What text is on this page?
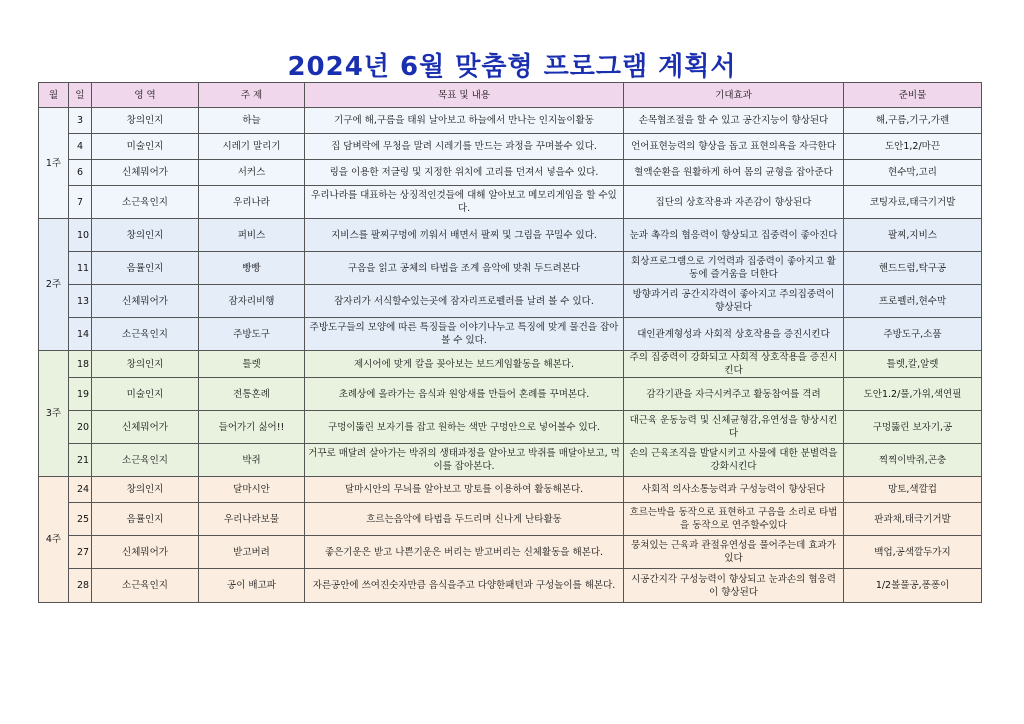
2024년 6월 맞춤형 프로그램 계획서
월	일	영 역	주 제	목표 및 내용	기대효과	준비물
1주	3	창의인지	하늘	기구에 해,구름을 태워 날아보고 하늘에서 만나는 인지놀이활동	손목협조절을 할 수 있고 공간지능이 향상된다	해,구름,기구,가렌
	4	미술인지	시레기 말리기	집 담벼락에 무청을 말려 시레기를 만드는 과정을 꾸며볼수 있다.	언어표현능력의 향상을 돕고 표현의욕을 자극한다	도안1,2/마끈
	6	신체뭐어가	서커스	링을 이용한 저글링 및 지정한 위치에 고리를 던져서 넣을수 있다.	혈액순환을 원활하게 하여 몸의 균형을 잡아준다	현수막,고리
	7	소근육인지	우리나라	우리나라를 대표하는 상징적인것들에 대해 알아보고 메모리게임을 할 수있다.	집단의 상호작용과 자존감이 향상된다	코팅자료,태극기거발
2주	10	창의인지	퍼비스	지비스를 팔찌구멍에 끼워서 배면서 팔찌 및 그림을 꾸밀수 있다.	눈과 촉각의 협응력이 향상되고 집중력이 좋아진다	팔찌,지비스
	11	음률인지	빵빵	구음을 읽고 공체의 타법을 조계 음악에 맞춰 두드려본다	회상프로그램으로 기억력과 집중력이 좋아지고 활동에 즐거움을 더한다	핸드드럼,탁구공
	13	신체뭐어가	잠자리비행	잠자리가 서식할수있는곳에 잠자리프로펠러를 날려 볼 수 있다.	방향과거리 공간지각력이 좋아지고 주의집중력이 향상된다	프로펠러,현수막
	14	소근육인지	주방도구	주방도구들의 모양에 따른 특징들을 이야기나누고 특징에 맞게 물건을 잡아볼 수 있다.	대인관계형성과 사회적 상호작용을 증진시킨다	주방도구,소품
3주	18	창의인지	틀렛	제시어에 맞게 칼을 꽂아보는 보드게임활동을 해본다.	주의 집중력이 강화되고 사회적 상호작용을 증진시킨다	틀렛,칼,알렛
	19	미술인지	전통혼례	초례상에 올라가는 음식과 원앙새를 만들어 혼례를 꾸며본다.	감각기관을 자극시켜주고 활동참여를 격려	도안1.2/풀,가위,색연필
	20	신체뭐어가	들어가기 싫어!!	구멍이뚫린 보자기를 잡고 원하는 색만 구멍안으로 넣어볼수 있다.	대근육 운동능력 및 신체균형감,유연성을 향상시킨다	구멍뚫린 보자기,공
	21	소근육인지	박쥐	거꾸로 매달려 살아가는 박쥐의 생태과정을 알아보고 박쥐를 매달아보고, 먹이를 잡아본다.	손의 근육조직을 발달시키고 사물에 대한 분별력을 강화시킨다	찍찍이박쥐,곤충
4주	24	창의인지	달마시안	달마시안의 무늬를 알아보고 망토를 이용하여 활동해본다.	사회적 의사소통능력과 구성능력이 향상된다	망토,색깔컵
	25	음률인지	우리나라보물	흐르는음악에 타법을 두드리며 신나게 난타활동	흐르는박을 동작으로 표현하고 구음을 소리로 타법을 동작으로 연주할수있다	판과채,태극기거발
	27	신체뭐어가	받고버려	좋은기운은 받고 나쁜기운은 버리는 받고버리는 신체활동을 해본다.	뭉쳐있는 근육과 관절유연성을 풀어주는데 효과가있다	백업,공색깔두가지
	28	소근육인지	공이 배고파	자른공안에 쓰여진숫자만큼 음식을주고 다양한패턴과 구성놀이를 해본다.	시공간지각 구성능력이 향상되고 눈과손의 협응력이 향상된다	1/2볼풀공,퐁퐁이
